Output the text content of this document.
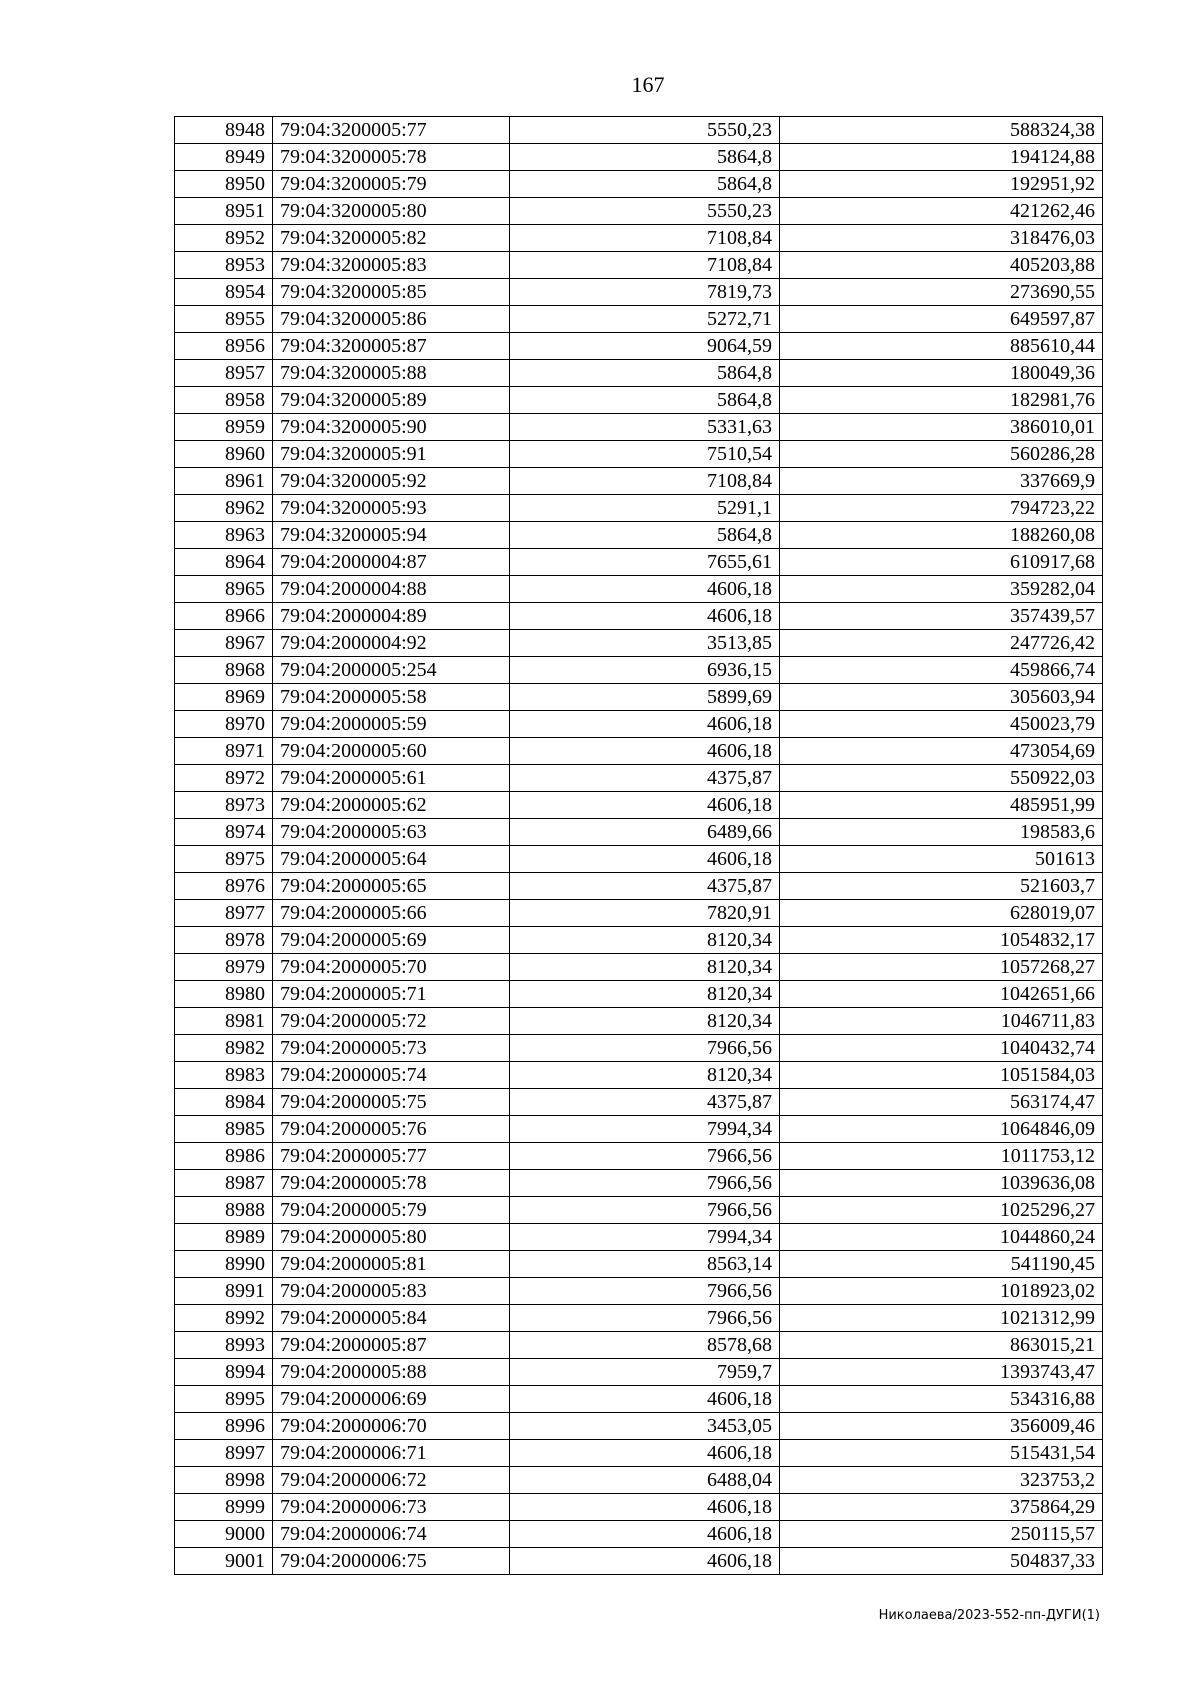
167
8948	79:04:3200005:77	5550,23	588324,38
8949	79:04:3200005:78	5864,8	194124,88
8950	79:04:3200005:79	5864,8	192951,92
8951	79:04:3200005:80	5550,23	421262,46
8952	79:04:3200005:82	7108,84	318476,03
8953	79:04:3200005:83	7108,84	405203,88
8954	79:04:3200005:85	7819,73	273690,55
8955	79:04:3200005:86	5272,71	649597,87
8956	79:04:3200005:87	9064,59	885610,44
8957	79:04:3200005:88	5864,8	180049,36
8958	79:04:3200005:89	5864,8	182981,76
8959	79:04:3200005:90	5331,63	386010,01
8960	79:04:3200005:91	7510,54	560286,28
8961	79:04:3200005:92	7108,84	337669,9
8962	79:04:3200005:93	5291,1	794723,22
8963	79:04:3200005:94	5864,8	188260,08
8964	79:04:2000004:87	7655,61	610917,68
8965	79:04:2000004:88	4606,18	359282,04
8966	79:04:2000004:89	4606,18	357439,57
8967	79:04:2000004:92	3513,85	247726,42
8968	79:04:2000005:254	6936,15	459866,74
8969	79:04:2000005:58	5899,69	305603,94
8970	79:04:2000005:59	4606,18	450023,79
8971	79:04:2000005:60	4606,18	473054,69
8972	79:04:2000005:61	4375,87	550922,03
8973	79:04:2000005:62	4606,18	485951,99
8974	79:04:2000005:63	6489,66	198583,6
8975	79:04:2000005:64	4606,18	501613
8976	79:04:2000005:65	4375,87	521603,7
8977	79:04:2000005:66	7820,91	628019,07
8978	79:04:2000005:69	8120,34	1054832,17
8979	79:04:2000005:70	8120,34	1057268,27
8980	79:04:2000005:71	8120,34	1042651,66
8981	79:04:2000005:72	8120,34	1046711,83
8982	79:04:2000005:73	7966,56	1040432,74
8983	79:04:2000005:74	8120,34	1051584,03
8984	79:04:2000005:75	4375,87	563174,47
8985	79:04:2000005:76	7994,34	1064846,09
8986	79:04:2000005:77	7966,56	1011753,12
8987	79:04:2000005:78	7966,56	1039636,08
8988	79:04:2000005:79	7966,56	1025296,27
8989	79:04:2000005:80	7994,34	1044860,24
8990	79:04:2000005:81	8563,14	541190,45
8991	79:04:2000005:83	7966,56	1018923,02
8992	79:04:2000005:84	7966,56	1021312,99
8993	79:04:2000005:87	8578,68	863015,21
8994	79:04:2000005:88	7959,7	1393743,47
8995	79:04:2000006:69	4606,18	534316,88
8996	79:04:2000006:70	3453,05	356009,46
8997	79:04:2000006:71	4606,18	515431,54
8998	79:04:2000006:72	6488,04	323753,2
8999	79:04:2000006:73	4606,18	375864,29
9000	79:04:2000006:74	4606,18	250115,57
9001	79:04:2000006:75	4606,18	504837,33
Николаева/2023-552-пп-ДУГИ(1)
